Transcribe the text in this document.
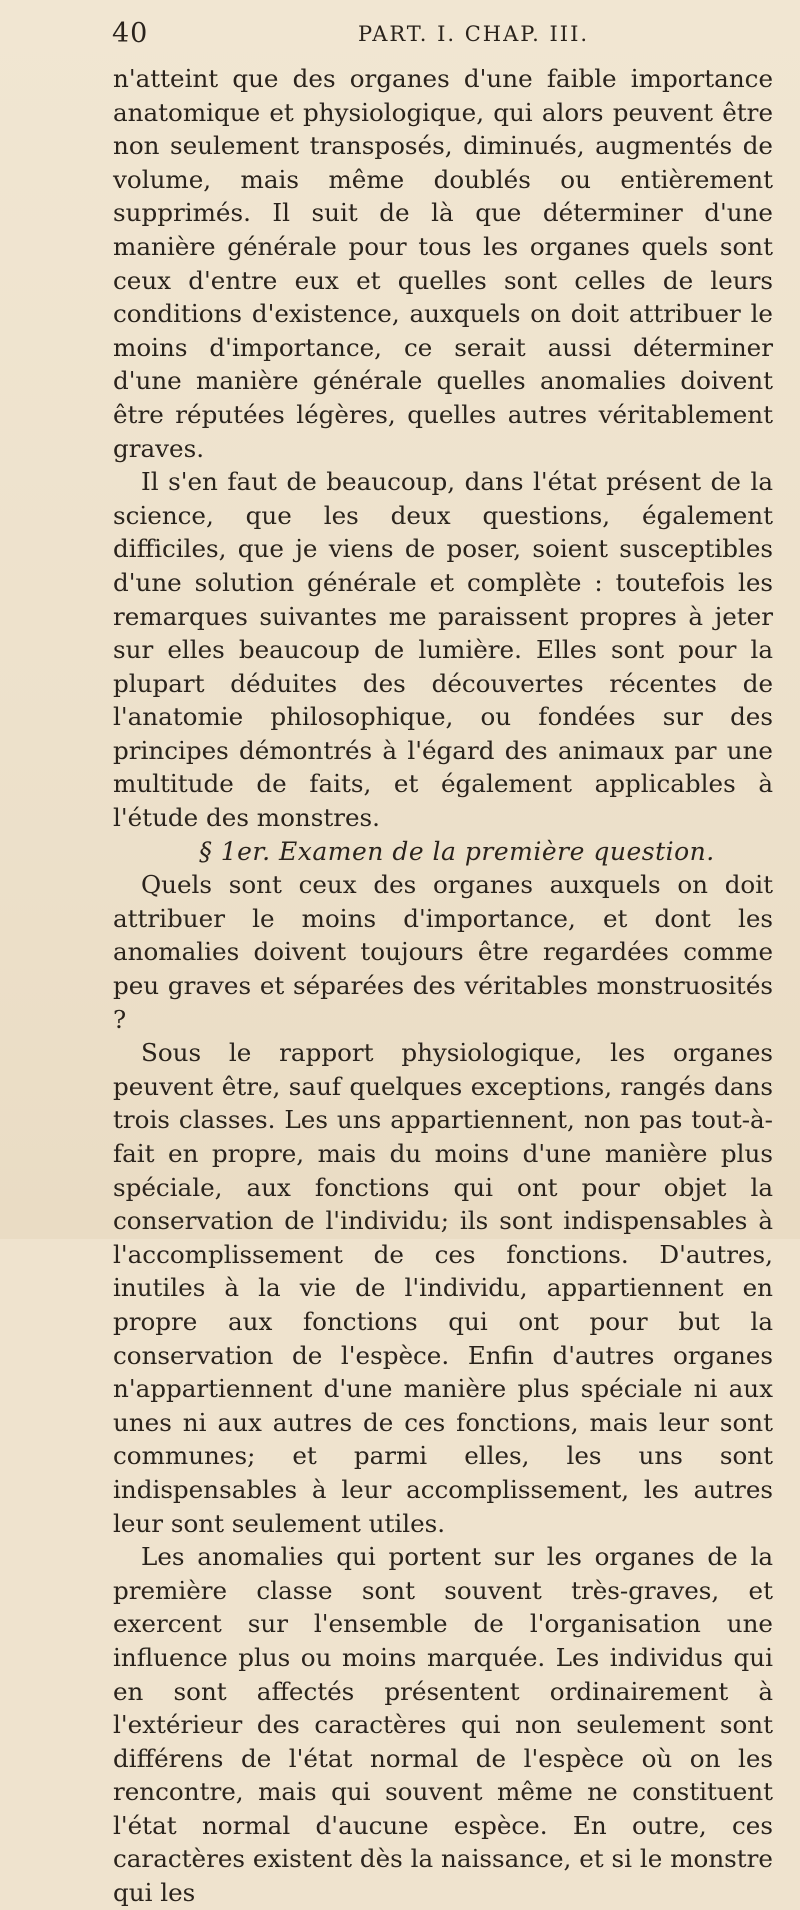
40	PART. I. CHAP. III.

n'atteint que des organes d'une faible importance anatomique et physiologique, qui alors peuvent être non seulement transposés, diminués, augmentés de volume, mais même doublés ou entièrement supprimés. Il suit de là que déterminer d'une manière générale pour tous les organes quels sont ceux d'entre eux et quelles sont celles de leurs conditions d'existence, auxquels on doit attribuer le moins d'importance, ce serait aussi déterminer d'une manière générale quelles anomalies doivent être réputées légères, quelles autres véritablement graves.

Il s'en faut de beaucoup, dans l'état présent de la science, que les deux questions, également difficiles, que je viens de poser, soient susceptibles d'une solution générale et complète : toutefois les remarques suivantes me paraissent propres à jeter sur elles beaucoup de lumière. Elles sont pour la plupart déduites des découvertes récentes de l'anatomie philosophique, ou fondées sur des principes démontrés à l'égard des animaux par une multitude de faits, et également applicables à l'étude des monstres.

§ 1er. Examen de la première question.

Quels sont ceux des organes auxquels on doit attribuer le moins d'importance, et dont les anomalies doivent toujours être regardées comme peu graves et séparées des véritables monstruosités ?

Sous le rapport physiologique, les organes peuvent être, sauf quelques exceptions, rangés dans trois classes. Les uns appartiennent, non pas tout-à-fait en propre, mais du moins d'une manière plus spéciale, aux fonctions qui ont pour objet la conservation de l'individu; ils sont indispensables à l'accomplissement de ces fonctions. D'autres, inutiles à la vie de l'individu, appartiennent en propre aux fonctions qui ont pour but la conservation de l'espèce. Enfin d'autres organes n'appartiennent d'une manière plus spéciale ni aux unes ni aux autres de ces fonctions, mais leur sont communes; et parmi elles, les uns sont indispensables à leur accomplissement, les autres leur sont seulement utiles.

Les anomalies qui portent sur les organes de la première classe sont souvent très-graves, et exercent sur l'ensemble de l'organisation une influence plus ou moins marquée. Les individus qui en sont affectés présentent ordinairement à l'extérieur des caractères qui non seulement sont différens de l'état normal de l'espèce où on les rencontre, mais qui souvent même ne constituent l'état normal d'aucune espèce. En outre, ces caractères existent dès la naissance, et si le monstre qui les
